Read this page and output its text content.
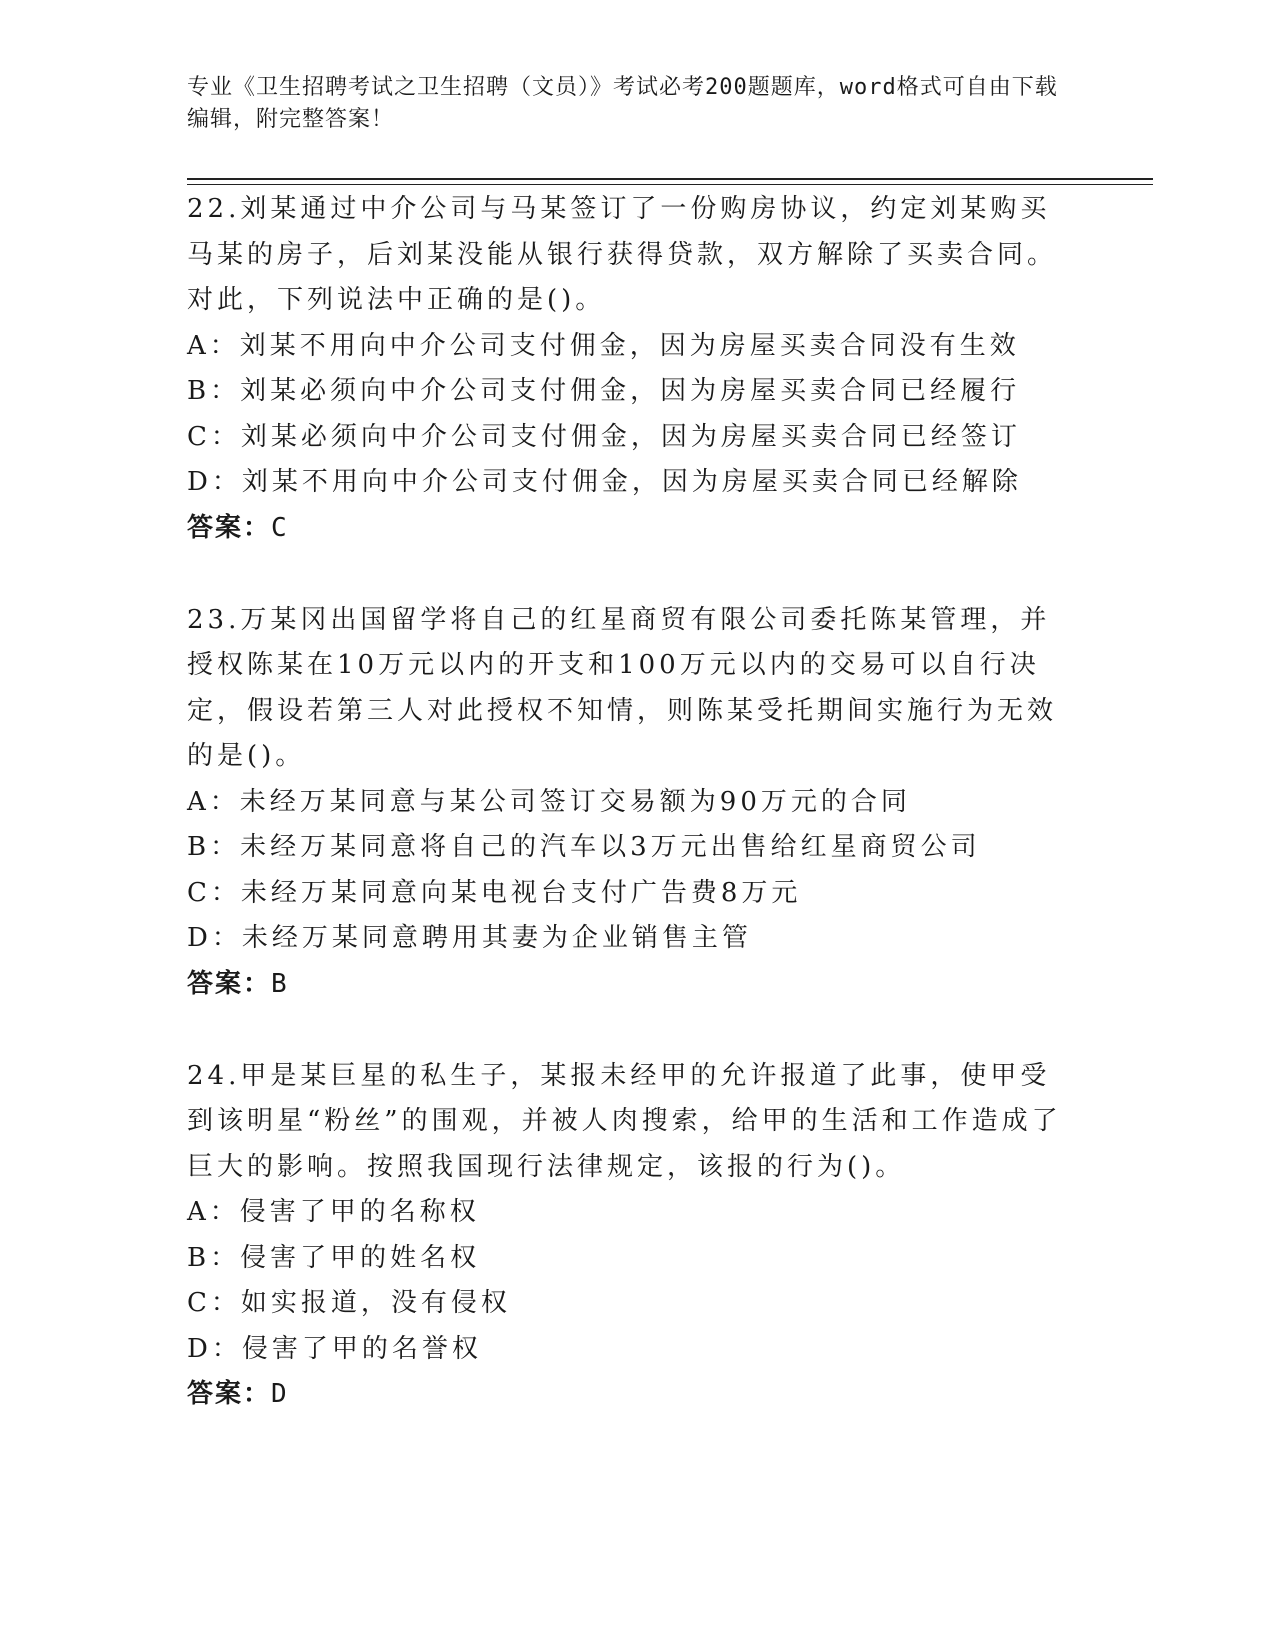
专业《卫生招聘考试之卫生招聘（文员）》考试必考200题题库，word格式可自由下载编辑，附完整答案！
22.刘某通过中介公司与马某签订了一份购房协议，约定刘某购买马某的房子，后刘某没能从银行获得贷款，双方解除了买卖合同。对此，下列说法中正确的是()。
A：刘某不用向中介公司支付佣金，因为房屋买卖合同没有生效
B：刘某必须向中介公司支付佣金，因为房屋买卖合同已经履行
C：刘某必须向中介公司支付佣金，因为房屋买卖合同已经签订
D：刘某不用向中介公司支付佣金，因为房屋买卖合同已经解除
答案：C
23.万某冈出国留学将自己的红星商贸有限公司委托陈某管理，并授权陈某在10万元以内的开支和100万元以内的交易可以自行决定，假设若第三人对此授权不知情，则陈某受托期间实施行为无效的是()。
A：未经万某同意与某公司签订交易额为90万元的合同
B：未经万某同意将自己的汽车以3万元出售给红星商贸公司
C：未经万某同意向某电视台支付广告费8万元
D：未经万某同意聘用其妻为企业销售主管
答案：B
24.甲是某巨星的私生子，某报未经甲的允许报道了此事，使甲受到该明星“粉丝”的围观，并被人肉搜索，给甲的生活和工作造成了巨大的影响。按照我国现行法律规定，该报的行为()。
A：侵害了甲的名称权
B：侵害了甲的姓名权
C：如实报道，没有侵权
D：侵害了甲的名誉权
答案：D
